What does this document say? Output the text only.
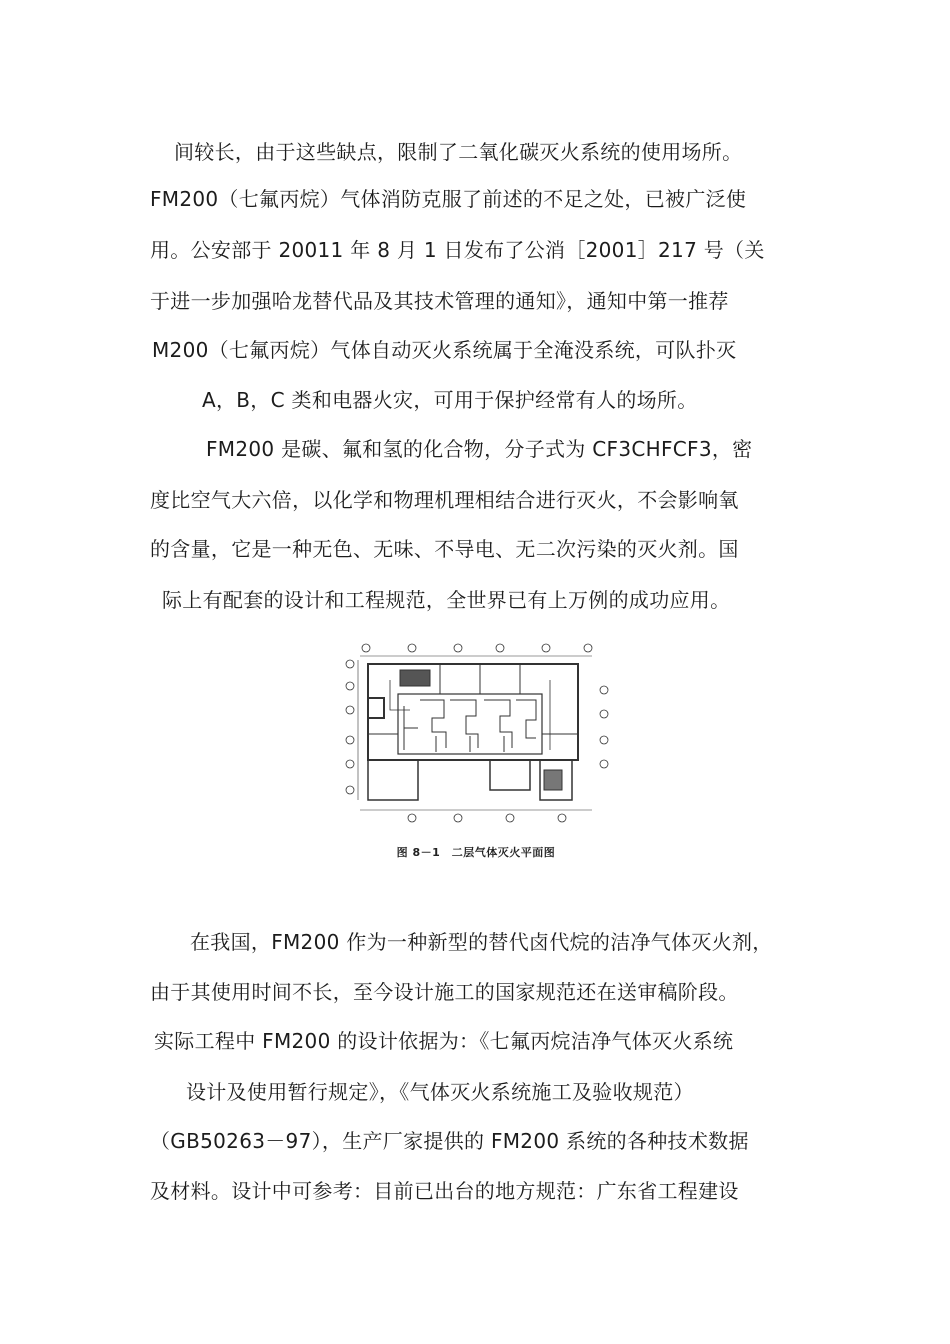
间较长，由于这些缺点，限制了二氧化碳灭火系统的使用场所。
FM200（七氟丙烷）气体消防克服了前述的不足之处，已被广泛使
用。公安部于 20011 年 8 月 1 日发布了公消［2001］217 号（关
于进一步加强哈龙替代品及其技术管理的通知》，通知中第一推荐
M200（七氟丙烷）气体自动灭火系统属于全淹没系统，可队扑灭
A，B，C 类和电器火灾，可用于保护经常有人的场所。
FM200 是碳、氟和氢的化合物，分子式为 CF3CHFCF3，密
度比空气大六倍，以化学和物理机理相结合进行灭火，不会影响氧
的含量，它是一种无色、无味、不导电、无二次污染的灭火剂。国
际上有配套的设计和工程规范，全世界已有上万例的成功应用。
图 8－1　二层气体灭火平面图
在我国，FM200 作为一种新型的替代卤代烷的洁净气体灭火剂，
由于其使用时间不长，至今设计施工的国家规范还在送审稿阶段。
实际工程中 FM200 的设计依据为：《七氟丙烷洁净气体灭火系统
设计及使用暂行规定》，《气体灭火系统施工及验收规范）
（GB50263－97），生产厂家提供的 FM200 系统的各种技术数据
及材料。设计中可参考：目前已出台的地方规范：广东省工程建设
